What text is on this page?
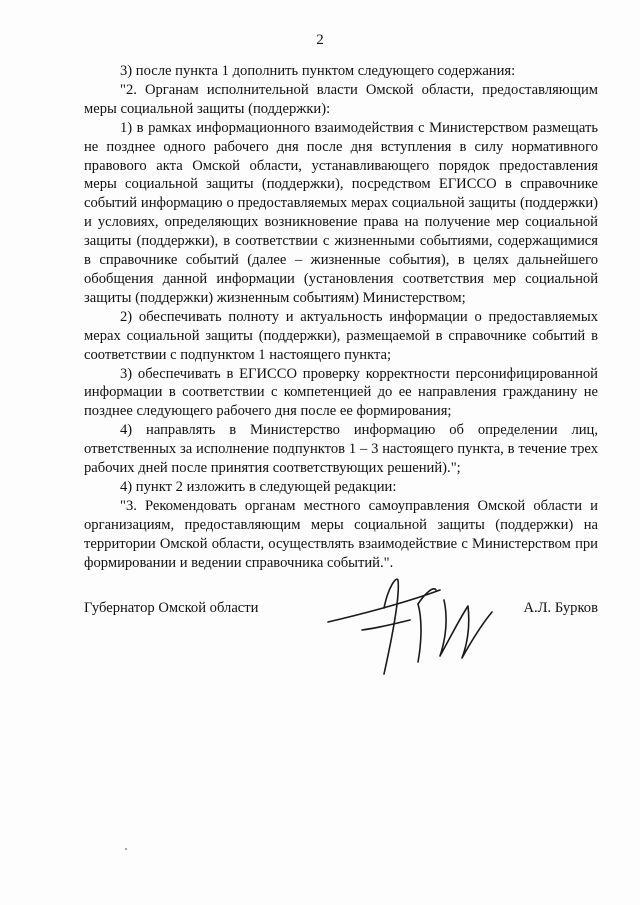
2

3) после пункта 1 дополнить пунктом следующего содержания:

"2. Органам исполнительной власти Омской области, предоставляющим меры социальной защиты (поддержки):

1) в рамках информационного взаимодействия с Министерством размещать не позднее одного рабочего дня после дня вступления в силу нормативного правового акта Омской области, устанавливающего порядок предоставления меры социальной защиты (поддержки), посредством ЕГИССО в справочнике событий информацию о предоставляемых мерах социальной защиты (поддержки) и условиях, определяющих возникновение права на получение мер социальной защиты (поддержки), в соответствии с жизненными событиями, содержащимися в справочнике событий (далее – жизненные события), в целях дальнейшего обобщения данной информации (установления соответствия мер социальной защиты (поддержки) жизненным событиям) Министерством;

2) обеспечивать полноту и актуальность информации о предоставляемых мерах социальной защиты (поддержки), размещаемой в справочнике событий в соответствии с подпунктом 1 настоящего пункта;

3) обеспечивать в ЕГИССО проверку корректности персонифицированной информации в соответствии с компетенцией до ее направления гражданину не позднее следующего рабочего дня после ее формирования;

4) направлять в Министерство информацию об определении лиц, ответственных за исполнение подпунктов 1 – 3 настоящего пункта, в течение трех рабочих дней после принятия соответствующих решений).";

4) пункт 2 изложить в следующей редакции:

"3. Рекомендовать органам местного самоуправления Омской области и организациям, предоставляющим меры социальной защиты (поддержки) на территории Омской области, осуществлять взаимодействие с Министерством при формировании и ведении справочника событий.".

Губернатор Омской области	А.Л. Бурков
